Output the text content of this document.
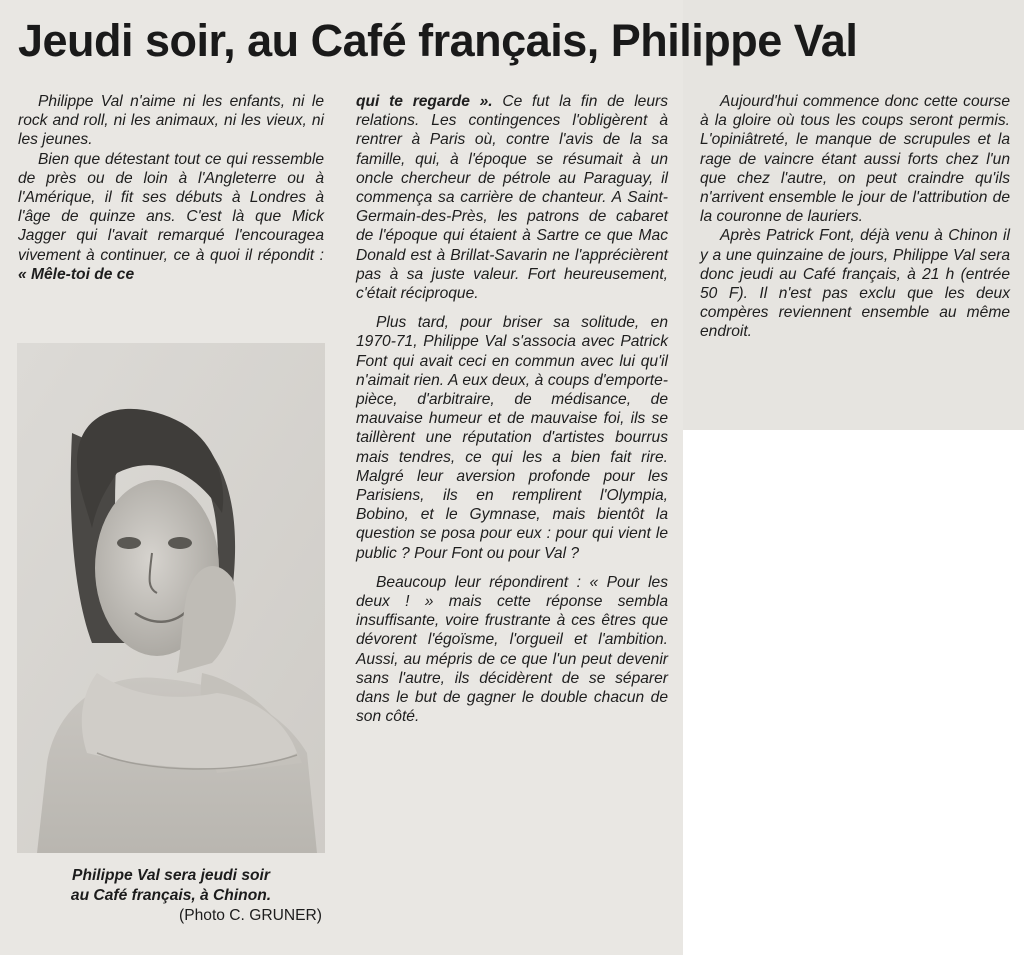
Jeudi soir, au Café français, Philippe Val

Philippe Val n'aime ni les enfants, ni le rock and roll, ni les animaux, ni les vieux, ni les jeunes.

Bien que détestant tout ce qui ressemble de près ou de loin à l'Angleterre ou à l'Amérique, il fit ses débuts à Londres à l'âge de quinze ans. C'est là que Mick Jagger qui l'avait remarqué l'encouragea vivement à continuer, ce à quoi il répondit : « Mêle-toi de ce

Philippe Val sera jeudi soir
au Café français, à Chinon.
(Photo C. GRUNER)

qui te regarde ». Ce fut la fin de leurs relations. Les contingences l'obligèrent à rentrer à Paris où, contre l'avis de la sa famille, qui, à l'époque se résumait à un oncle chercheur de pétrole au Paraguay, il commença sa carrière de chanteur. A Saint-Germain-des-Près, les patrons de cabaret de l'époque qui étaient à Sartre ce que Mac Donald est à Brillat-Savarin ne l'apprécièrent pas à sa juste valeur. Fort heureusement, c'était réciproque.

Plus tard, pour briser sa solitude, en 1970-71, Philippe Val s'associa avec Patrick Font qui avait ceci en commun avec lui qu'il n'aimait rien. A eux deux, à coups d'emporte-pièce, d'arbitraire, de médisance, de mauvaise humeur et de mauvaise foi, ils se taillèrent une réputation d'artistes bourrus mais tendres, ce qui les a bien fait rire. Malgré leur aversion profonde pour les Parisiens, ils en remplirent l'Olympia, Bobino, et le Gymnase, mais bientôt la question se posa pour eux : pour qui vient le public ? Pour Font ou pour Val ?

Beaucoup leur répondirent : « Pour les deux ! » mais cette réponse sembla insuffisante, voire frustrante à ces êtres que dévorent l'égoïsme, l'orgueil et l'ambition. Aussi, au mépris de ce que l'un peut devenir sans l'autre, ils décidèrent de se séparer dans le but de gagner le double chacun de son côté.

Aujourd'hui commence donc cette course à la gloire où tous les coups seront permis. L'opiniâtreté, le manque de scrupules et la rage de vaincre étant aussi forts chez l'un que chez l'autre, on peut craindre qu'ils n'arrivent ensemble le jour de l'attribution de la couronne de lauriers.

Après Patrick Font, déjà venu à Chinon il y a une quinzaine de jours, Philippe Val sera donc jeudi au Café français, à 21 h (entrée 50 F). Il n'est pas exclu que les deux compères reviennent ensemble au même endroit.
